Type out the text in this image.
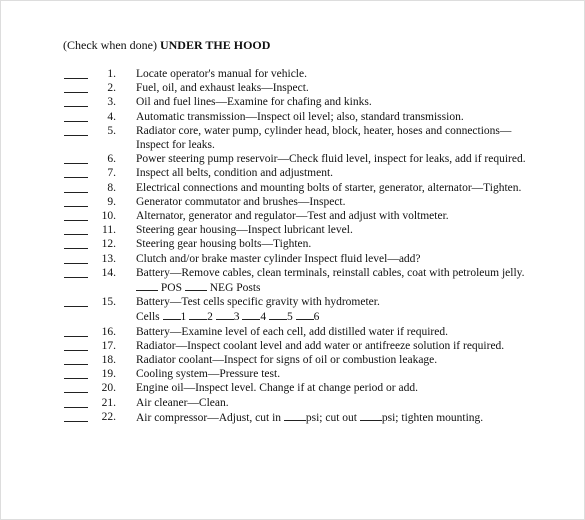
(Check when done) UNDER THE HOOD
1. Locate operator's manual for vehicle.
2. Fuel, oil, and exhaust leaks—Inspect.
3. Oil and fuel lines—Examine for chafing and kinks.
4. Automatic transmission—Inspect oil level; also, standard transmission.
5. Radiator core, water pump, cylinder head, block, heater, hoses and connections—Inspect for leaks.
6. Power steering pump reservoir—Check fluid level, inspect for leaks, add if required.
7. Inspect all belts, condition and adjustment.
8. Electrical connections and mounting bolts of starter, generator, alternator—Tighten.
9. Generator commutator and brushes—Inspect.
10. Alternator, generator and regulator—Test and adjust with voltmeter.
11. Steering gear housing—Inspect lubricant level.
12. Steering gear housing bolts—Tighten.
13. Clutch and/or brake master cylinder Inspect fluid level—add?
14. Battery—Remove cables, clean terminals, reinstall cables, coat with petroleum jelly.
POS NEG Posts
15. Battery—Test cells specific gravity with hydrometer.
Cells 1 2 3 4 5 6
16. Battery—Examine level of each cell, add distilled water if required.
17. Radiator—Inspect coolant level and add water or antifreeze solution if required.
18. Radiator coolant—Inspect for signs of oil or combustion leakage.
19. Cooling system—Pressure test.
20. Engine oil—Inspect level. Change if at change period or add.
21. Air cleaner—Clean.
22. Air compressor—Adjust, cut in psi; cut out psi; tighten mounting.
